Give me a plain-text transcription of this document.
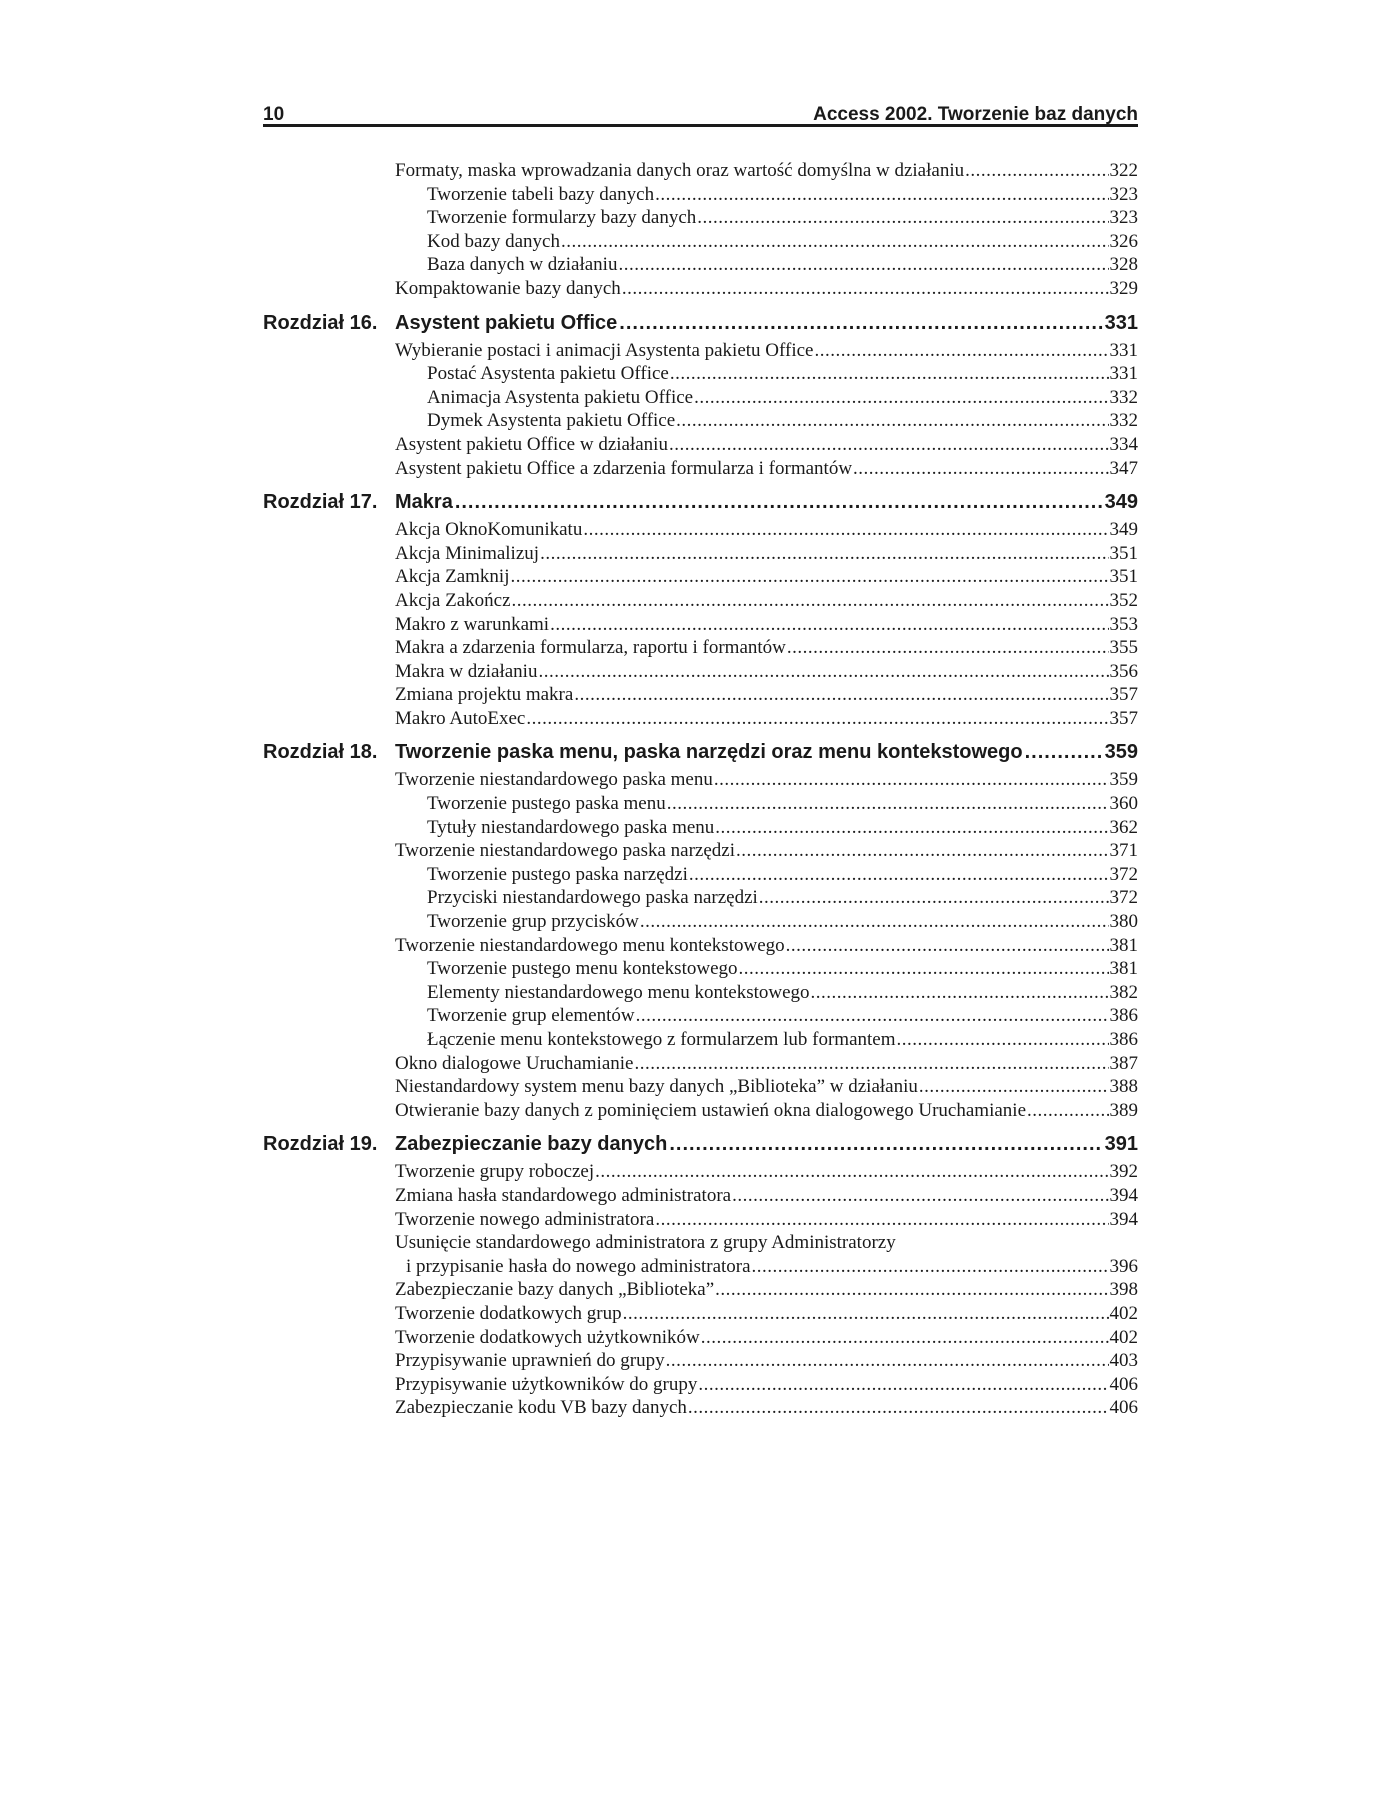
10	Access 2002. Tworzenie baz danych
Formaty, maska wprowadzania danych oraz wartość domyślna w działaniu .....	322
Tworzenie tabeli bazy danych .....	323
Tworzenie formularzy bazy danych .....	323
Kod bazy danych .....	326
Baza danych w działaniu .....	328
Kompaktowanie bazy danych .....	329
Rozdział 16. Asystent pakietu Office .....	331
Wybieranie postaci i animacji Asystenta pakietu Office .....	331
Postać Asystenta pakietu Office .....	331
Animacja Asystenta pakietu Office .....	332
Dymek Asystenta pakietu Office .....	332
Asystent pakietu Office w działaniu .....	334
Asystent pakietu Office a zdarzenia formularza i formantów .....	347
Rozdział 17. Makra .....	349
Akcja OknoKomunikatu .....	349
Akcja Minimalizuj .....	351
Akcja Zamknij .....	351
Akcja Zakończ .....	352
Makro z warunkami .....	353
Makra a zdarzenia formularza, raportu i formantów .....	355
Makra w działaniu .....	356
Zmiana projektu makra .....	357
Makro AutoExec .....	357
Rozdział 18. Tworzenie paska menu, paska narzędzi oraz menu kontekstowego .....	359
Tworzenie niestandardowego paska menu .....	359
Tworzenie pustego paska menu .....	360
Tytuły niestandardowego paska menu .....	362
Tworzenie niestandardowego paska narzędzi .....	371
Tworzenie pustego paska narzędzi .....	372
Przyciski niestandardowego paska narzędzi .....	372
Tworzenie grup przycisków .....	380
Tworzenie niestandardowego menu kontekstowego .....	381
Tworzenie pustego menu kontekstowego .....	381
Elementy niestandardowego menu kontekstowego .....	382
Tworzenie grup elementów .....	386
Łączenie menu kontekstowego z formularzem lub formantem .....	386
Okno dialogowe Uruchamianie .....	387
Niestandardowy system menu bazy danych „Biblioteka” w działaniu .....	388
Otwieranie bazy danych z pominięciem ustawień okna dialogowego Uruchamianie .....	389
Rozdział 19. Zabezpieczanie bazy danych .....	391
Tworzenie grupy roboczej .....	392
Zmiana hasła standardowego administratora .....	394
Tworzenie nowego administratora .....	394
Usunięcie standardowego administratora z grupy Administratorzy
i przypisanie hasła do nowego administratora .....	396
Zabezpieczanie bazy danych „Biblioteka” .....	398
Tworzenie dodatkowych grup .....	402
Tworzenie dodatkowych użytkowników .....	402
Przypisywanie uprawnień do grupy .....	403
Przypisywanie użytkowników do grupy .....	406
Zabezpieczanie kodu VB bazy danych .....	406
